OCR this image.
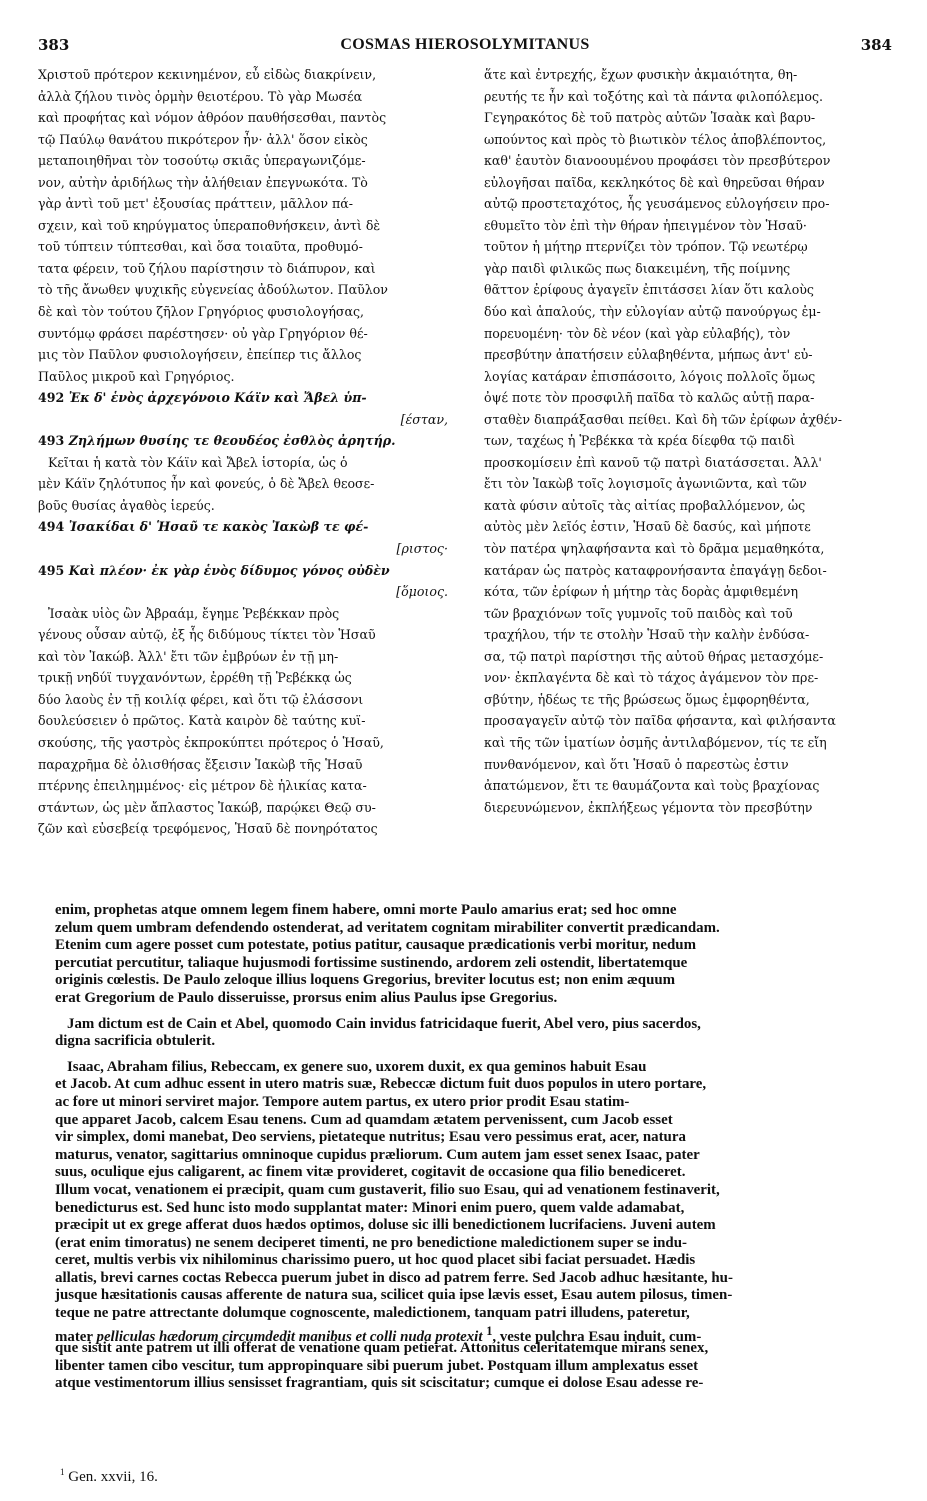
383	COSMAS HIEROSOLYMITANUS	384
Χριστοῦ πρότερον κεκινημένον, εὖ εἰδὼς διακρίνειν,
ἀλλὰ ζήλου τινὸς ὁρμὴν θειοτέρου. Τὸ γὰρ Μωσέα
καὶ προφήτας καὶ νόμον ἀθρόον παυθήσεσθαι, παντὸς
τῷ Παύλῳ θανάτου πικρότερον ἦν· ἀλλ' ὅσον εἰκὸς
μεταποιηθῆναι τὸν τοσούτῳ σκιᾶς ὑπεραγωνιζόμε-
νον, αὐτὴν ἀριδήλως τὴν ἀλήθειαν ἐπεγνωκότα. Τὸ
γὰρ ἀντὶ τοῦ μετ' ἐξουσίας πράττειν, μᾶλλον πά-
σχειν, καὶ τοῦ κηρύγματος ὑπεραποθνήσκειν, ἀντὶ δὲ
τοῦ τύπτειν τύπτεσθαι, καὶ ὅσα τοιαῦτα, προθυμό-
τατα φέρειν, τοῦ ζήλου παρίστησιν τὸ διάπυρον, καὶ
τὸ τῆς ἄνωθεν ψυχικῆς εὐγενείας ἀδούλωτον. Παῦλον
δὲ καὶ τὸν τούτου ζῆλον Γρηγόριος φυσιολογήσας,
συντόμῳ φράσει παρέστησεν· οὐ γὰρ Γρηγόριον θέ-
μις τὸν Παῦλον φυσιολογήσειν, ἐπείπερ τις ἄλλος
Παῦλος μικροῦ καὶ Γρηγόριος.
492 Ἐκ δ' ἑνὸς ἀρχεγόνοιο Κάϊν καὶ Ἄβελ ὑπ-
[έσταν,
493 Ζηλήμων θυσίης τε θεουδέος ἐσθλὸς ἀρητήρ.
Κεῖται ἡ κατὰ τὸν Κάϊν καὶ Ἄβελ ἱστορία, ὡς ὁ
μὲν Κάϊν ζηλότυπος ἦν καὶ φονεύς, ὁ δὲ Ἄβελ θεοσε-
βοῦς θυσίας ἀγαθὸς ἱερεύς.
494 Ἰσακίδαι δ' Ἡσαῦ τε κακὸς Ἰακὼβ τε φέ-
[ριστος·
495 Καὶ πλέον· ἐκ γὰρ ἑνὸς δίδυμος γόνος οὐδὲν
[ὅμοιος.
Ἰσαὰκ υἱὸς ὢν Ἀβραάμ, ἔγημε Ῥεβέκκαν πρὸς
γένους οὖσαν αὐτῷ, ἐξ ἧς διδύμους τίκτει τὸν Ἡσαῦ
καὶ τὸν Ἰακώβ. Ἀλλ' ἔτι τῶν ἐμβρύων ἐν τῇ μη-
τρικῇ νηδύϊ τυγχανόντων, ἐρρέθη τῇ Ῥεβέκκᾳ ὡς
δύο λαοὺς ἐν τῇ κοιλίᾳ φέρει, καὶ ὅτι τῷ ἐλάσσονι
δουλεύσειεν ὁ πρῶτος. Κατὰ καιρὸν δὲ ταύτης κυϊ-
σκούσης, τῆς γαστρὸς ἐκπροκύπτει πρότερος ὁ Ἡσαῦ,
παραχρῆμα δὲ ὀλισθήσας ἔξεισιν Ἰακὼβ τῆς Ἡσαῦ
πτέρνης ἐπειλημμένος· εἰς μέτρον δὲ ἡλικίας κατα-
στάντων, ὡς μὲν ἄπλαστος Ἰακώβ, παρῴκει Θεῷ συ-
ζῶν καὶ εὐσεβείᾳ τρεφόμενος, Ἡσαῦ δὲ πονηρότατος
ἅτε καὶ ἐντρεχής, ἔχων φυσικὴν ἀκμαιότητα, θη-
ρευτής τε ἦν καὶ τοξότης καὶ τὰ πάντα φιλοπόλεμος.
Γεγηρακότος δὲ τοῦ πατρὸς αὐτῶν Ἰσαὰκ καὶ βαρυ-
ωπούντος καὶ πρὸς τὸ βιωτικὸν τέλος ἀποβλέποντος,
καθ' ἑαυτὸν διανοουμένου προφάσει τὸν πρεσβύτερον
εὐλογῆσαι παῖδα, κεκληκότος δὲ καὶ θηρεῦσαι θήραν
αὐτῷ προστεταχότος, ἧς γευσάμενος εὐλογήσειν προ-
εθυμεῖτο τὸν ἐπὶ τὴν θήραν ἠπειγμένον τὸν Ἡσαῦ·
τοῦτον ἡ μήτηρ πτερνίζει τὸν τρόπον. Τῷ νεωτέρῳ
γὰρ παιδὶ φιλικῶς πως διακειμένη, τῆς ποίμνης
θᾶττον ἐρίφους ἀγαγεῖν ἐπιτάσσει λίαν ὅτι καλοὺς
δύο καὶ ἁπαλούς, τὴν εὐλογίαν αὐτῷ πανούργως ἐμ-
πορευομένη· τὸν δὲ νέον (καὶ γὰρ εὐλαβής), τὸν
πρεσβύτην ἀπατήσειν εὐλαβηθέντα, μήπως ἀντ' εὐ-
λογίας κατάραν ἐπισπάσοιτο, λόγοις πολλοῖς ὅμως
ὀψέ ποτε τὸν προσφιλῆ παῖδα τὸ καλῶς αὐτῇ παρα-
σταθὲν διαπράξασθαι πείθει. Καὶ δὴ τῶν ἐρίφων ἀχθέν-
των, ταχέως ἡ Ῥεβέκκα τὰ κρέα δίεφθα τῷ παιδὶ
προσκομίσειν ἐπὶ κανοῦ τῷ πατρὶ διατάσσεται. Ἀλλ'
ἔτι τὸν Ἰακὼβ τοῖς λογισμοῖς ἀγωνιῶντα, καὶ τῶν
κατὰ φύσιν αὐτοῖς τὰς αἰτίας προβαλλόμενον, ὡς
αὐτὸς μὲν λεῖός ἐστιν, Ἡσαῦ δὲ δασύς, καὶ μήποτε
τὸν πατέρα ψηλαφήσαντα καὶ τὸ δρᾶμα μεμαθηκότα,
κατάραν ὡς πατρὸς καταφρονήσαντα ἐπαγάγῃ δεδοι-
κότα, τῶν ἐρίφων ἡ μήτηρ τὰς δορὰς ἀμφιθεμένη
τῶν βραχιόνων τοῖς γυμνοῖς τοῦ παιδὸς καὶ τοῦ
τραχήλου, τήν τε στολὴν Ἡσαῦ τὴν καλὴν ἐνδύσα-
σα, τῷ πατρὶ παρίστησι τῆς αὐτοῦ θήρας μετασχόμε-
νον· ἐκπλαγέντα δὲ καὶ τὸ τάχος ἀγάμενον τὸν πρε-
σβύτην, ἡδέως τε τῆς βρώσεως ὅμως ἐμφορηθέντα,
προσαγαγεῖν αὐτῷ τὸν παῖδα φήσαντα, καὶ φιλήσαντα
καὶ τῆς τῶν ἱματίων ὀσμῆς ἀντιλαβόμενον, τίς τε εἴη
πυνθανόμενον, καὶ ὅτι Ἡσαῦ ὁ παρεστὼς ἐστιν
ἀπατώμενον, ἔτι τε θαυμάζοντα καὶ τοὺς βραχίονας
διερευνώμενον, ἐκπλήξεως γέμοντα τὸν πρεσβύτην
enim, prophetas atque omnem legem finem habere, omni morte Paulo amarius erat; sed hoc omne
zelum quem umbram defendendo ostenderat, ad veritatem cognitam mirabiliter convertit prædicandam.
Etenim cum agere posset cum potestate, potius patitur, causaque prædicationis verbi moritur, nedum
percutiat percutitur, taliaque hujusmodi fortissime sustinendo, ardorem zeli ostendit, libertatemque
originis cœlestis. De Paulo zeloque illius loquens Gregorius, breviter locutus est; non enim æquum
erat Gregorium de Paulo disseruisse, prorsus enim alius Paulus ipse Gregorius.
Jam dictum est de Cain et Abel, quomodo Cain invidus fatricidaque fuerit, Abel vero, pius sacerdos,
digna sacrificia obtulerit.
Isaac, Abraham filius, Rebeccam, ex genere suo, uxorem duxit, ex qua geminos habuit Esau
et Jacob. At cum adhuc essent in utero matris suæ, Rebeccæ dictum fuit duos populos in utero portare,
ac fore ut minori serviret major. Tempore autem partus, ex utero prior prodit Esau statim-
que apparet Jacob, calcem Esau tenens. Cum ad quamdam ætatem pervenissent, cum Jacob esset
vir simplex, domi manebat, Deo serviens, pietateque nutritus; Esau vero pessimus erat, acer, natura
maturus, venator, sagittarius omninoque cupidus præliorum. Cum autem jam esset senex Isaac, pater
suus, oculique ejus caligarent, ac finem vitæ provideret, cogitavit de occasione qua filio benediceret.
Illum vocat, venationem ei præcipit, quam cum gustaverit, filio suo Esau, qui ad venationem festinaverit,
benedicturus est. Sed hunc isto modo supplantat mater: Minori enim puero, quem valde adamabat,
præcipit ut ex grege afferat duos hædos optimos, doluse sic illi benedictionem lucrifaciens. Juveni autem
(erat enim timoratus) ne senem deciperet timenti, ne pro benedictione maledictionem super se indu-
ceret, multis verbis vix nihilominus charissimo puero, ut hoc quod placet sibi faciat persuadet. Hædis
allatis, brevi carnes coctas Rebecca puerum jubet in disco ad patrem ferre. Sed Jacob adhuc hæsitante, hu-
jusque hæsitationis causas afferente de natura sua, scilicet quia ipse lævis esset, Esau autem pilosus, timen-
teque ne patre attrectante dolumque cognoscente, maledictionem, tanquam patri illudens, pateretur,
mater pelliculas hædorum circumdedit manibus et colli nuda protexit $^1$, veste pulchra Esau induit, cum-
que sistit ante patrem ut illi offerat de venatione quam petierat. Attonitus celeritatemque mirans senex,
libenter tamen cibo vescitur, tum appropinquare sibi puerum jubet. Postquam illum amplexatus esset
atque vestimentorum illius sensisset fragrantiam, quis sit sciscitatur; cumque ei dolose Esau adesse re-
$^1$ Gen. xxvii, 16.
